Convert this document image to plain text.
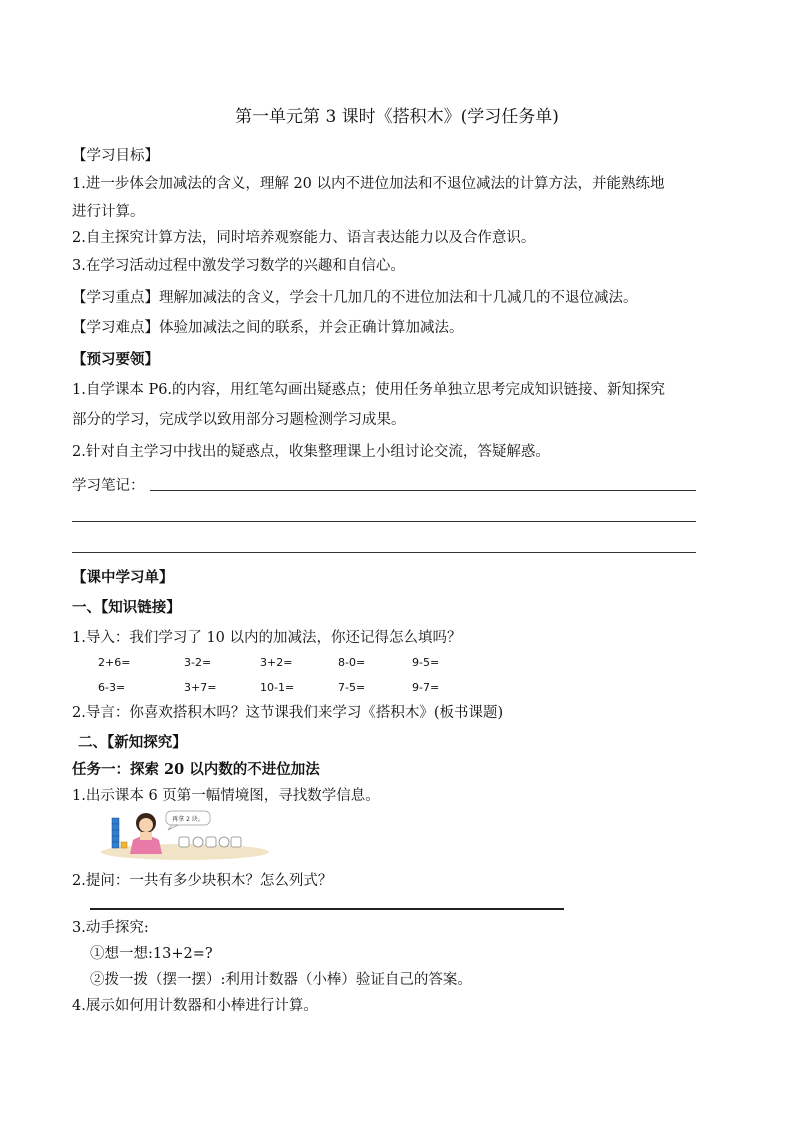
第一单元第 3 课时《搭积木》(学习任务单)
【学习目标】
1.进一步体会加减法的含义，理解 20 以内不进位加法和不退位减法的计算方法，并能熟练地
进行计算。
2.自主探究计算方法，同时培养观察能力、语言表达能力以及合作意识。
3.在学习活动过程中激发学习数学的兴趣和自信心。
【学习重点】理解加减法的含义，学会十几加几的不进位加法和十几减几的不退位减法。
【学习难点】体验加减法之间的联系，并会正确计算加减法。
【预习要领】
1.自学课本 P6.的内容，用红笔勾画出疑惑点；使用任务单独立思考完成知识链接、新知探究
部分的学习，完成学以致用部分习题检测学习成果。
2.针对自主学习中找出的疑惑点，收集整理课上小组讨论交流，答疑解惑。
学习笔记：
【课中学习单】
一、【知识链接】
1.导入：我们学习了 10 以内的加减法，你还记得怎么填吗？
2+6=	3-2=	3+2=	8-0=	9-5=
6-3=	3+7=	10-1=	7-5=	9-7=
2.导言：你喜欢搭积木吗？这节课我们来学习《搭积木》(板书课题)
二、【新知探究】
任务一：探索 20 以内数的不进位加法
1.出示课本 6 页第一幅情境图，寻找数学信息。
再拿 2 块。
2.提问：一共有多少块积木？怎么列式？
3.动手探究:
①想一想:13+2=?
②拨一拨（摆一摆）:利用计数器（小棒）验证自己的答案。
4.展示如何用计数器和小棒进行计算。
